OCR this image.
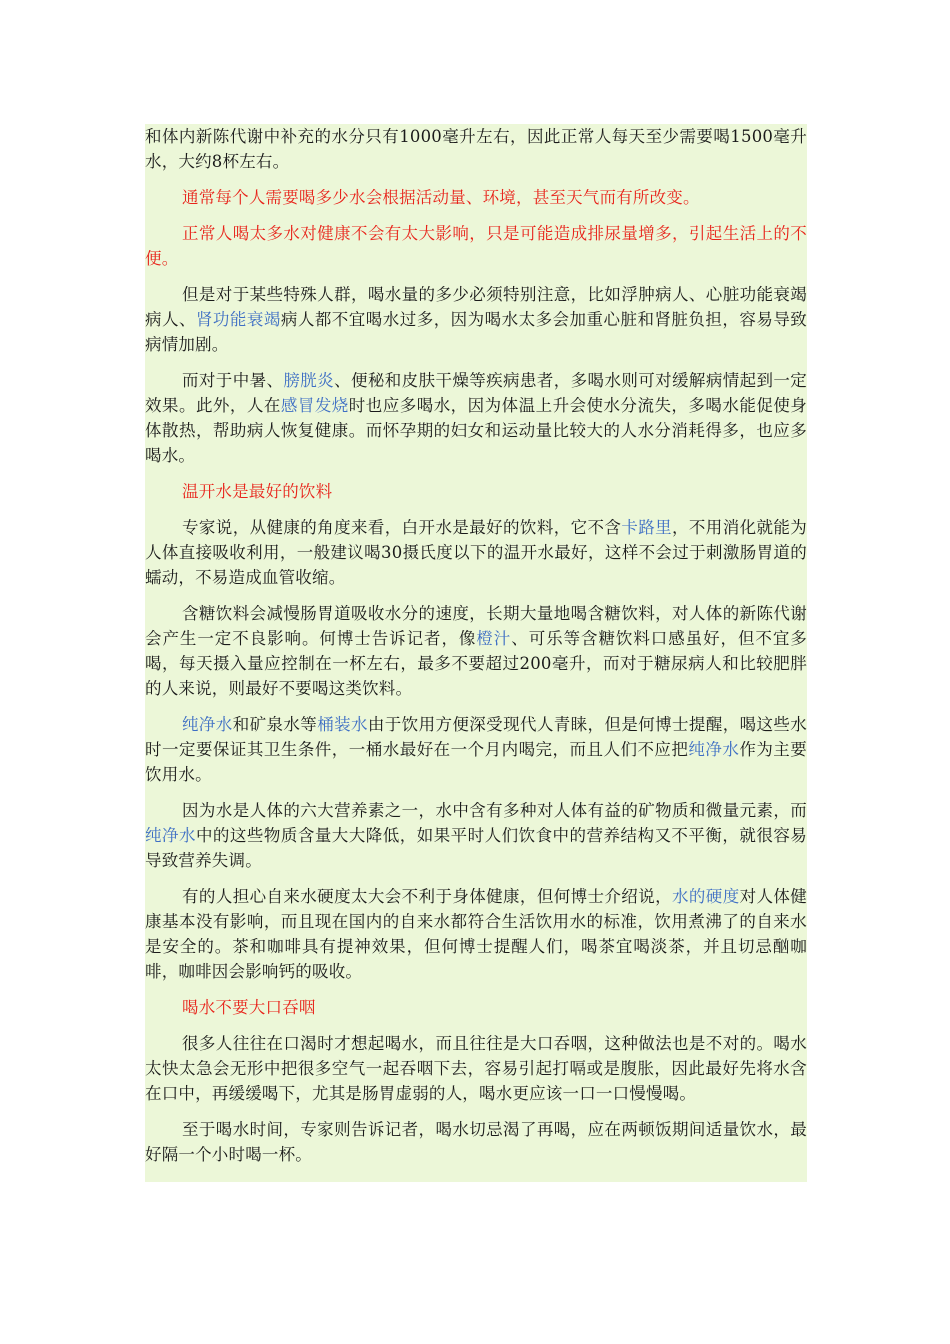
和体内新陈代谢中补充的水分只有1000毫升左右，因此正常人每天至少需要喝1500毫升水，大约8杯左右。

通常每个人需要喝多少水会根据活动量、环境，甚至天气而有所改变。

正常人喝太多水对健康不会有太大影响，只是可能造成排尿量增多，引起生活上的不便。

但是对于某些特殊人群，喝水量的多少必须特别注意，比如浮肿病人、心脏功能衰竭病人、肾功能衰竭病人都不宜喝水过多，因为喝水太多会加重心脏和肾脏负担，容易导致病情加剧。

而对于中暑、膀胱炎、便秘和皮肤干燥等疾病患者，多喝水则可对缓解病情起到一定效果。此外，人在感冒发烧时也应多喝水，因为体温上升会使水分流失，多喝水能促使身体散热，帮助病人恢复健康。而怀孕期的妇女和运动量比较大的人水分消耗得多，也应多喝水。

温开水是最好的饮料

专家说，从健康的角度来看，白开水是最好的饮料，它不含卡路里，不用消化就能为人体直接吸收利用，一般建议喝30摄氏度以下的温开水最好，这样不会过于刺激肠胃道的蠕动，不易造成血管收缩。

含糖饮料会减慢肠胃道吸收水分的速度，长期大量地喝含糖饮料，对人体的新陈代谢会产生一定不良影响。何博士告诉记者，像橙汁、可乐等含糖饮料口感虽好，但不宜多喝，每天摄入量应控制在一杯左右，最多不要超过200毫升，而对于糖尿病人和比较肥胖的人来说，则最好不要喝这类饮料。

纯净水和矿泉水等桶装水由于饮用方便深受现代人青睐，但是何博士提醒，喝这些水时一定要保证其卫生条件，一桶水最好在一个月内喝完，而且人们不应把纯净水作为主要饮用水。

因为水是人体的六大营养素之一，水中含有多种对人体有益的矿物质和微量元素，而纯净水中的这些物质含量大大降低，如果平时人们饮食中的营养结构又不平衡，就很容易导致营养失调。

有的人担心自来水硬度太大会不利于身体健康，但何博士介绍说，水的硬度对人体健康基本没有影响，而且现在国内的自来水都符合生活饮用水的标准，饮用煮沸了的自来水是安全的。茶和咖啡具有提神效果，但何博士提醒人们，喝茶宜喝淡茶，并且切忌酗咖啡，咖啡因会影响钙的吸收。

喝水不要大口吞咽

很多人往往在口渴时才想起喝水，而且往往是大口吞咽，这种做法也是不对的。喝水太快太急会无形中把很多空气一起吞咽下去，容易引起打嗝或是腹胀，因此最好先将水含在口中，再缓缓喝下，尤其是肠胃虚弱的人，喝水更应该一口一口慢慢喝。

至于喝水时间，专家则告诉记者，喝水切忌渴了再喝，应在两顿饭期间适量饮水，最好隔一个小时喝一杯。
